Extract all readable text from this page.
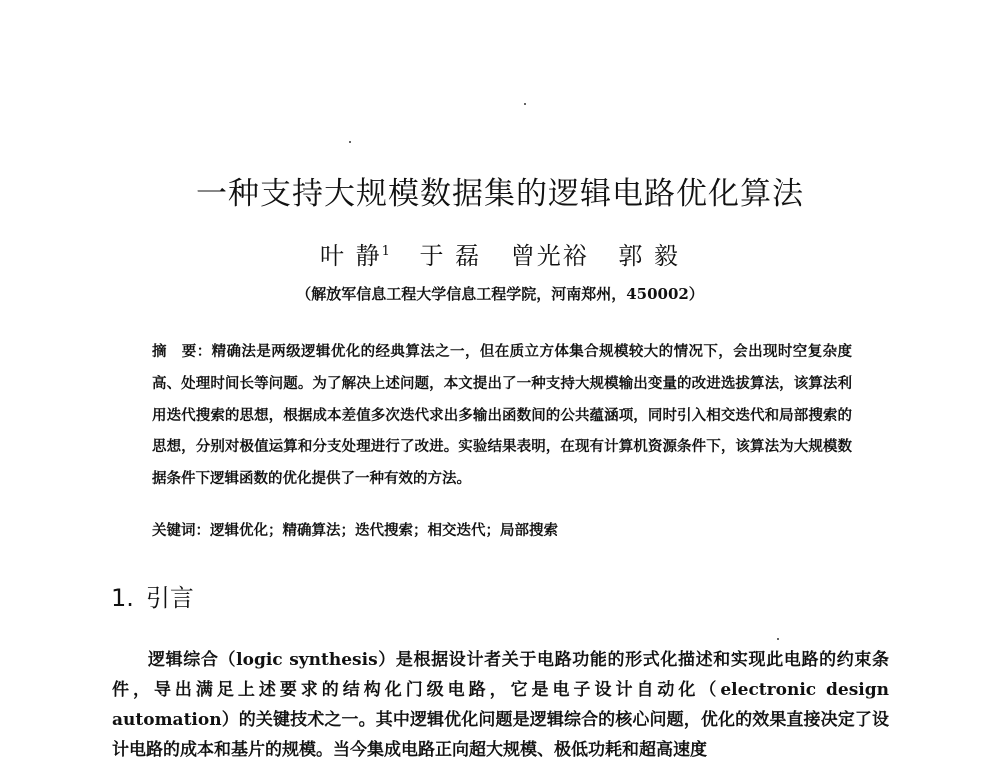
一种支持大规模数据集的逻辑电路优化算法
叶 静$^1$ 于 磊 曾光裕 郭 毅
（解放军信息工程大学信息工程学院，河南郑州，450002）

摘　要：精确法是两级逻辑优化的经典算法之一，但在质立方体集合规模较大的情况下，会出现时空复杂度高、处理时间长等问题。为了解决上述问题，本文提出了一种支持大规模输出变量的改进选拔算法，该算法利用迭代搜索的思想，根据成本差值多次迭代求出多输出函数间的公共蕴涵项，同时引入相交迭代和局部搜索的思想，分别对极值运算和分支处理进行了改进。实验结果表明，在现有计算机资源条件下，该算法为大规模数据条件下逻辑函数的优化提供了一种有效的方法。

关键词：逻辑优化；精确算法；迭代搜索；相交迭代；局部搜索

1. 引言

逻辑综合（logic synthesis）是根据设计者关于电路功能的形式化描述和实现此电路的约束条件，导出满足上述要求的结构化门级电路，它是电子设计自动化（electronic design automation）的关键技术之一。其中逻辑优化问题是逻辑综合的核心问题，优化的效果直接决定了设计电路的成本和基片的规模。当今集成电路正向超大规模、极低功耗和超高速度
